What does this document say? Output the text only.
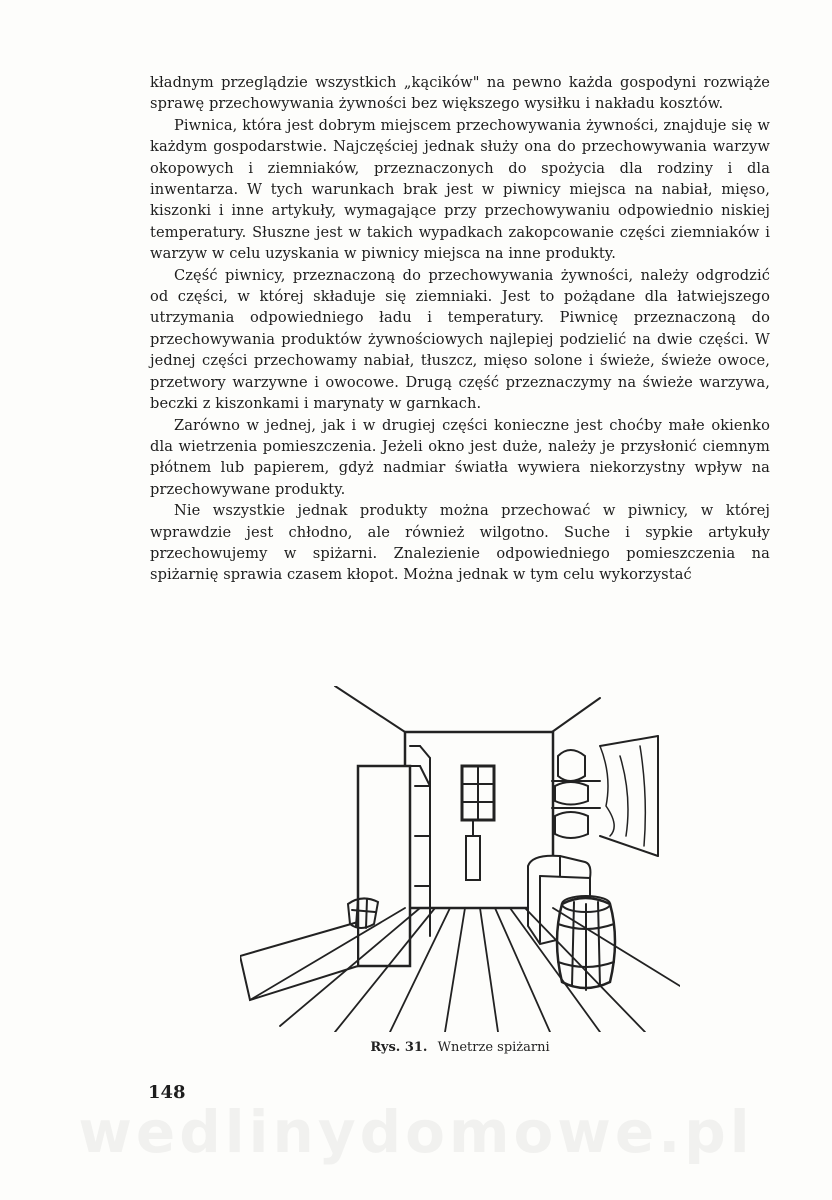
kładnym przeglądzie wszystkich „kącików" na pewno każda gospodyni rozwiąże sprawę przechowywania żywności bez większego wysiłku i nakładu kosztów.

Piwnica, która jest dobrym miejscem przechowywania żywności, znajduje się w każdym gospodarstwie. Najczęściej jednak służy ona do przechowywania warzyw okopowych i ziemniaków, przeznaczonych do spożycia dla rodziny i dla inwentarza. W tych warunkach brak jest w piwnicy miejsca na nabiał, mięso, kiszonki i inne artykuły, wymagające przy przechowywaniu odpowiednio niskiej temperatury. Słuszne jest w takich wypadkach zakopcowanie części ziemniaków i warzyw w celu uzyskania w piwnicy miejsca na inne produkty.

Część piwnicy, przeznaczoną do przechowywania żywności, należy odgrodzić od części, w której składuje się ziemniaki. Jest to pożądane dla łatwiejszego utrzymania odpowiedniego ładu i temperatury. Piwnicę przeznaczoną do przechowywania produktów żywnościowych najlepiej podzielić na dwie części. W jednej części przechowamy nabiał, tłuszcz, mięso solone i świeże, świeże owoce, przetwory warzywne i owocowe. Drugą część przeznaczymy na świeże warzywa, beczki z kiszonkami i marynaty w garnkach.

Zarówno w jednej, jak i w drugiej części konieczne jest choćby małe okienko dla wietrzenia pomieszczenia. Jeżeli okno jest duże, należy je przysłonić ciemnym płótnem lub papierem, gdyż nadmiar światła wywiera niekorzystny wpływ na przechowywane produkty.

Nie wszystkie jednak produkty można przechować w piwnicy, w której wprawdzie jest chłodno, ale również wilgotno. Suche i sypkie artykuły przechowujemy w spiżarni. Znalezienie odpowiedniego pomieszczenia na spiżarnię sprawia czasem kłopot. Można jednak w tym celu wykorzystać

Rys. 31. Wnetrze spiżarni
148
wedlinydomowe.pl
